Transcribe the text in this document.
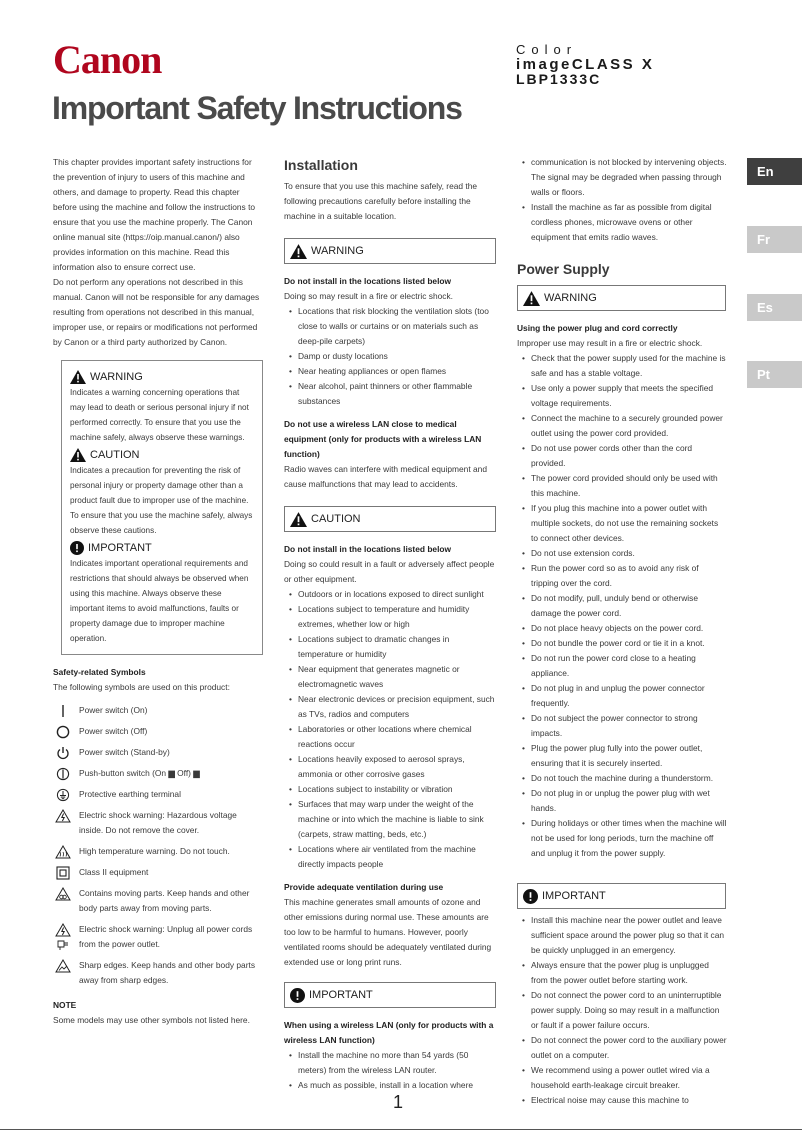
Canon	Color
imageCLASS X
LBP1333C
Important Safety Instructions

This chapter provides important safety instructions for the prevention of injury to users of this machine and others, and damage to property. Read this chapter before using the machine and follow the instructions to ensure that you use the machine properly. The Canon online manual site (https://oip.manual.canon/) also provides information on this machine. Read this information also to ensure correct use.

Do not perform any operations not described in this manual. Canon will not be responsible for any damages resulting from operations not described in this manual, improper use, or repairs or modifications not performed by Canon or a third party authorized by Canon.

WARNING
Indicates a warning concerning operations that may lead to death or serious personal injury if not performed correctly. To ensure that you use the machine safely, always observe these warnings.
CAUTION
Indicates a precaution for preventing the risk of personal injury or property damage other than a product fault due to improper use of the machine. To ensure that you use the machine safely, always observe these cautions.
IMPORTANT
Indicates important operational requirements and restrictions that should always be observed when using this machine. Always observe these important items to avoid malfunctions, faults or property damage due to improper machine operation.

Safety-related Symbols

The following symbols are used on this product:

Power switch (On)
Power switch (Off)
Power switch (Stand-by)
Push-button switch (On ▆ Off) ▆
Protective earthing terminal
Electric shock warning: Hazardous voltage inside. Do not remove the cover.
High temperature warning. Do not touch.
Class II equipment
Contains moving parts. Keep hands and other body parts away from moving parts.
Electric shock warning: Unplug all power cords from the power outlet.
Sharp edges. Keep hands and other body parts away from sharp edges.

NOTE

Some models may use other symbols not listed here.

Installation

To ensure that you use this machine safely, read the following precautions carefully before installing the machine in a suitable location.

WARNING

Do not install in the locations listed below

Doing so may result in a fire or electric shock.

• Locations that risk blocking the ventilation slots (too close to walls or curtains or on materials such as deep-pile carpets)
• Damp or dusty locations
• Near heating appliances or open flames
• Near alcohol, paint thinners or other flammable substances

Do not use a wireless LAN close to medical equipment (only for products with a wireless LAN function)

Radio waves can interfere with medical equipment and cause malfunctions that may lead to accidents.

CAUTION

Do not install in the locations listed below

Doing so could result in a fault or adversely affect people or other equipment.

• Outdoors or in locations exposed to direct sunlight
• Locations subject to temperature and humidity extremes, whether low or high
• Locations subject to dramatic changes in temperature or humidity
• Near equipment that generates magnetic or electromagnetic waves
• Near electronic devices or precision equipment, such as TVs, radios and computers
• Laboratories or other locations where chemical reactions occur
• Locations heavily exposed to aerosol sprays, ammonia or other corrosive gases
• Locations subject to instability or vibration
• Surfaces that may warp under the weight of the machine or into which the machine is liable to sink (carpets, straw matting, beds, etc.)
• Locations where air ventilated from the machine directly impacts people

Provide adequate ventilation during use

This machine generates small amounts of ozone and other emissions during normal use. These amounts are too low to be harmful to humans. However, poorly ventilated rooms should be adequately ventilated during extended use or long print runs.

IMPORTANT

When using a wireless LAN (only for products with a wireless LAN function)

• Install the machine no more than 54 yards (50 meters) from the wireless LAN router.
• As much as possible, install in a location where
• communication is not blocked by intervening objects. The signal may be degraded when passing through walls or floors.
• Install the machine as far as possible from digital cordless phones, microwave ovens or other equipment that emits radio waves.
Power Supply
WARNING

Using the power plug and cord correctly

Improper use may result in a fire or electric shock.

• Check that the power supply used for the machine is safe and has a stable voltage.
• Use only a power supply that meets the specified voltage requirements.
• Connect the machine to a securely grounded power outlet using the power cord provided.
• Do not use power cords other than the cord provided.
• The power cord provided should only be used with this machine.
• If you plug this machine into a power outlet with multiple sockets, do not use the remaining sockets to connect other devices.
• Do not use extension cords.
• Run the power cord so as to avoid any risk of tripping over the cord.
• Do not modify, pull, unduly bend or otherwise damage the power cord.
• Do not place heavy objects on the power cord.
• Do not bundle the power cord or tie it in a knot.
• Do not run the power cord close to a heating appliance.
• Do not plug in and unplug the power connector frequently.
• Do not subject the power connector to strong impacts.
• Plug the power plug fully into the power outlet, ensuring that it is securely inserted.
• Do not touch the machine during a thunderstorm.
• Do not plug in or unplug the power plug with wet hands.
• During holidays or other times when the machine will not be used for long periods, turn the machine off and unplug it from the power supply.
IMPORTANT
• Install this machine near the power outlet and leave sufficient space around the power plug so that it can be quickly unplugged in an emergency.
• Always ensure that the power plug is unplugged from the power outlet before starting work.
• Do not connect the power cord to an uninterruptible power supply. Doing so may result in a malfunction or fault if a power failure occurs.
• Do not connect the power cord to the auxiliary power outlet on a computer.
• We recommend using a power outlet wired via a household earth-leakage circuit breaker.
• Electrical noise may cause this machine to
En
Fr
Es
Pt
1
